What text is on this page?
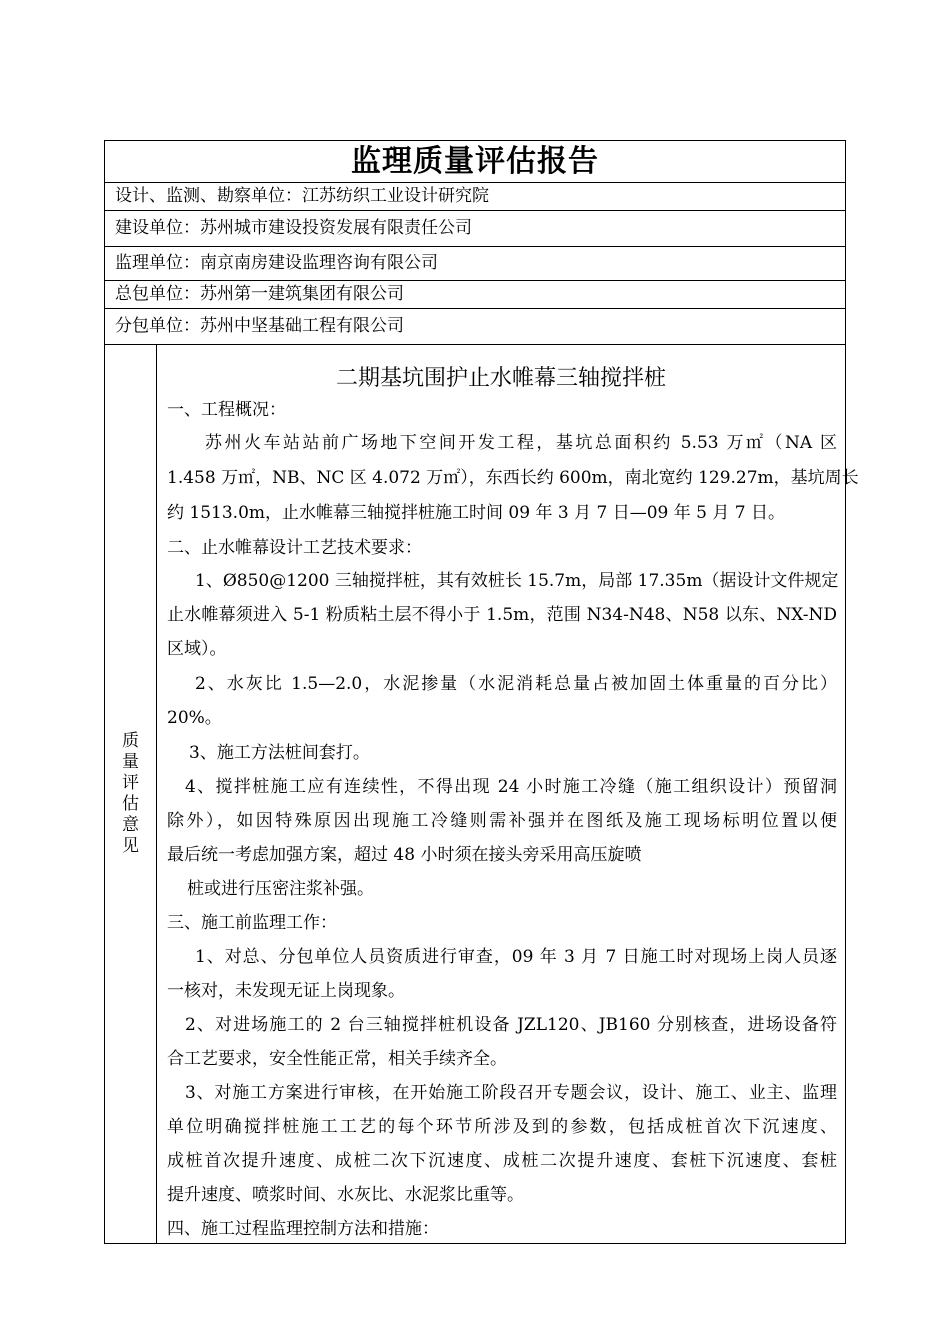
监理质量评估报告
设计、监测、勘察单位：江苏纺织工业设计研究院
建设单位：苏州城市建设投资发展有限责任公司
监理单位：南京南房建设监理咨询有限公司
总包单位：苏州第一建筑集团有限公司
分包单位：苏州中坚基础工程有限公司
质
量
评
估
意
见
二期基坑围护止水帷幕三轴搅拌桩
一、工程概况：
苏州火车站站前广场地下空间开发工程，基坑总面积约 5.53 万㎡（NA 区
1.458 万㎡，NB、NC 区 4.072 万㎡），东西长约 600m，南北宽约 129.27m，基坑周长
约 1513.0m，止水帷幕三轴搅拌桩施工时间 09 年 3 月 7 日—09 年 5 月 7 日。
二、止水帷幕设计工艺技术要求：
1、Ø850@1200 三轴搅拌桩，其有效桩长 15.7m，局部 17.35m（据设计文件规定
止水帷幕须进入 5-1 粉质粘土层不得小于 1.5m，范围 N34-N48、N58 以东、NX-ND
区域）。
2、水灰比 1.5—2.0，水泥掺量（水泥消耗总量占被加固土体重量的百分比）
20%。
3、施工方法桩间套打。
4、搅拌桩施工应有连续性，不得出现 24 小时施工冷缝（施工组织设计）预留洞
除外），如因特殊原因出现施工冷缝则需补强并在图纸及施工现场标明位置以便
最后统一考虑加强方案，超过 48 小时须在接头旁采用高压旋喷
桩或进行压密注浆补强。
三、施工前监理工作：
1、对总、分包单位人员资质进行审查，09 年 3 月 7 日施工时对现场上岗人员逐
一核对，未发现无证上岗现象。
2、对进场施工的 2 台三轴搅拌桩机设备 JZL120、JB160 分别核查，进场设备符
合工艺要求，安全性能正常，相关手续齐全。
3、对施工方案进行审核，在开始施工阶段召开专题会议，设计、施工、业主、监理
单位明确搅拌桩施工工艺的每个环节所涉及到的参数，包括成桩首次下沉速度、
成桩首次提升速度、成桩二次下沉速度、成桩二次提升速度、套桩下沉速度、套桩
提升速度、喷浆时间、水灰比、水泥浆比重等。
四、施工过程监理控制方法和措施：
